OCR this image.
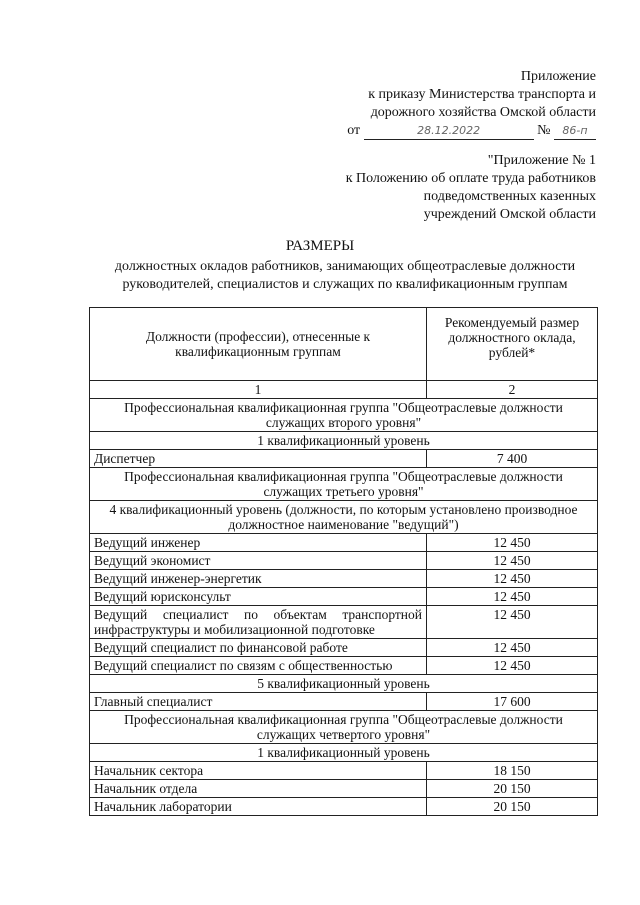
Приложение
к приказу Министерства транспорта и
дорожного хозяйства Омской области
от	28.12.2022	№ 86-п
"Приложение № 1
к Положению об оплате труда работников
подведомственных казенных
учреждений Омской области
РАЗМЕРЫ
должностных окладов работников, занимающих общеотраслевые должности
руководителей, специалистов и служащих по квалификационным группам
Должности (профессии), отнесенные к квалификационным группам	Рекомендуемый размер должностного оклада, рублей*
1	2
Профессиональная квалификационная группа "Общеотраслевые должности служащих второго уровня"	
1 квалификационный уровень	
Диспетчер	7 400
Профессиональная квалификационная группа "Общеотраслевые должности служащих третьего уровня"	
4 квалификационный уровень (должности, по которым установлено производное должностное наименование "ведущий")	
Ведущий инженер	12 450
Ведущий экономист	12 450
Ведущий инженер-энергетик	12 450
Ведущий юрисконсульт	12 450
Ведущий специалист по объектам транспортной инфраструктуры и мобилизационной подготовке	12 450
Ведущий специалист по финансовой работе	12 450
Ведущий специалист по связям с общественностью	12 450
5 квалификационный уровень	
Главный специалист	17 600
Профессиональная квалификационная группа "Общеотраслевые должности служащих четвертого уровня"	
1 квалификационный уровень	
Начальник сектора	18 150
Начальник отдела	20 150
Начальник лаборатории	20 150
